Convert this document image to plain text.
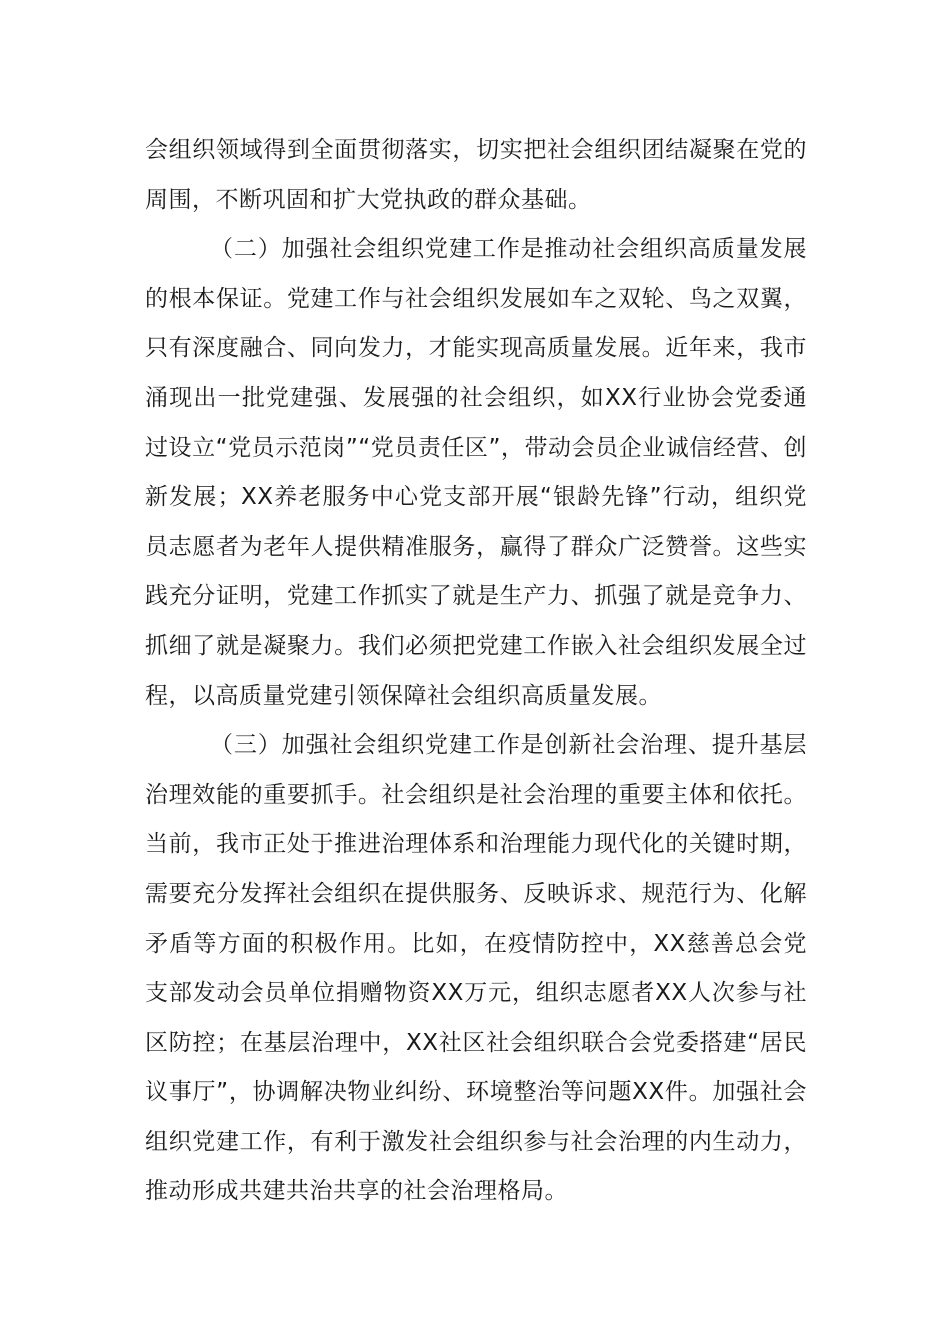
会组织领域得到全面贯彻落实，切实把社会组织团结凝聚在党的周围，不断巩固和扩大党执政的群众基础。

（二）加强社会组织党建工作是推动社会组织高质量发展的根本保证。党建工作与社会组织发展如车之双轮、鸟之双翼，只有深度融合、同向发力，才能实现高质量发展。近年来，我市涌现出一批党建强、发展强的社会组织，如XX行业协会党委通过设立“党员示范岗”“党员责任区”，带动会员企业诚信经营、创新发展；XX养老服务中心党支部开展“银龄先锋”行动，组织党员志愿者为老年人提供精准服务，赢得了群众广泛赞誉。这些实践充分证明，党建工作抓实了就是生产力、抓强了就是竞争力、抓细了就是凝聚力。我们必须把党建工作嵌入社会组织发展全过程，以高质量党建引领保障社会组织高质量发展。

（三）加强社会组织党建工作是创新社会治理、提升基层治理效能的重要抓手。社会组织是社会治理的重要主体和依托。当前，我市正处于推进治理体系和治理能力现代化的关键时期，需要充分发挥社会组织在提供服务、反映诉求、规范行为、化解矛盾等方面的积极作用。比如，在疫情防控中，XX慈善总会党支部发动会员单位捐赠物资XX万元，组织志愿者XX人次参与社区防控；在基层治理中，XX社区社会组织联合会党委搭建“居民议事厅”，协调解决物业纠纷、环境整治等问题XX件。加强社会组织党建工作，有利于激发社会组织参与社会治理的内生动力，推动形成共建共治共享的社会治理格局。
